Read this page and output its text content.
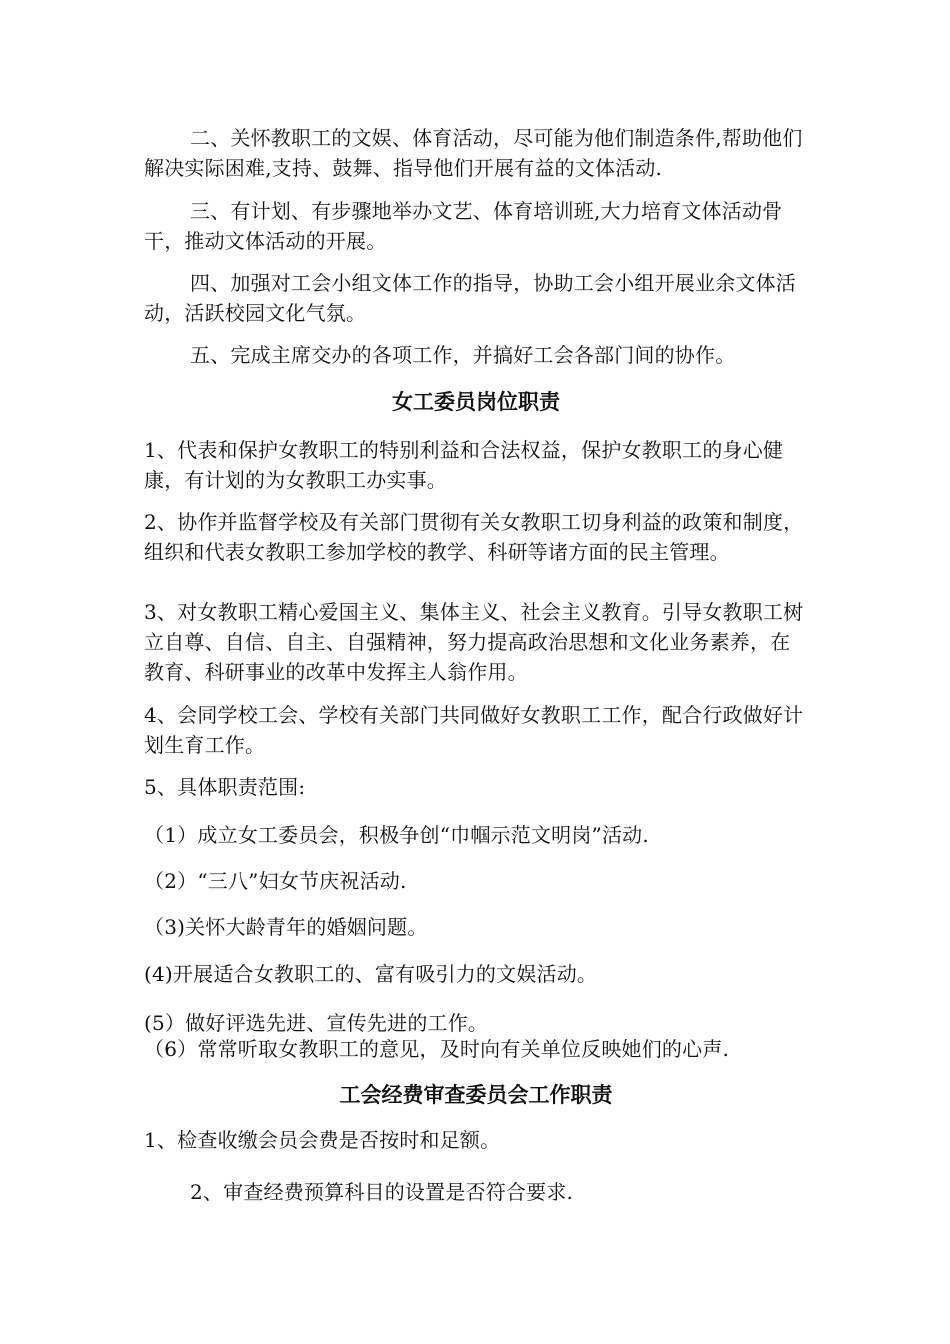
二、关怀教职工的文娱、体育活动，尽可能为他们制造条件,帮助他们解决实际困难,支持、鼓舞、指导他们开展有益的文体活动.

三、有计划、有步骤地举办文艺、体育培训班,大力培育文体活动骨干，推动文体活动的开展。

四、加强对工会小组文体工作的指导，协助工会小组开展业余文体活动，活跃校园文化气氛。

五、完成主席交办的各项工作，并搞好工会各部门间的协作。

女工委员岗位职责

1、代表和保护女教职工的特别利益和合法权益，保护女教职工的身心健康，有计划的为女教职工办实事。

2、协作并监督学校及有关部门贯彻有关女教职工切身利益的政策和制度，组织和代表女教职工参加学校的教学、科研等诸方面的民主管理。

3、对女教职工精心爱国主义、集体主义、社会主义教育。引导女教职工树立自尊、自信、自主、自强精神，努力提高政治思想和文化业务素养，在教育、科研事业的改革中发挥主人翁作用。

4、会同学校工会、学校有关部门共同做好女教职工工作，配合行政做好计划生育工作。

5、具体职责范围:

（1）成立女工委员会，积极争创“巾帼示范文明岗”活动.

（2）“三八”妇女节庆祝活动.

（3)关怀大龄青年的婚姻问题。

(4)开展适合女教职工的、富有吸引力的文娱活动。

(5）做好评选先进、宣传先进的工作。

（6）常常听取女教职工的意见，及时向有关单位反映她们的心声.

工会经费审查委员会工作职责

1、检查收缴会员会费是否按时和足额。

2、审查经费预算科目的设置是否符合要求.
